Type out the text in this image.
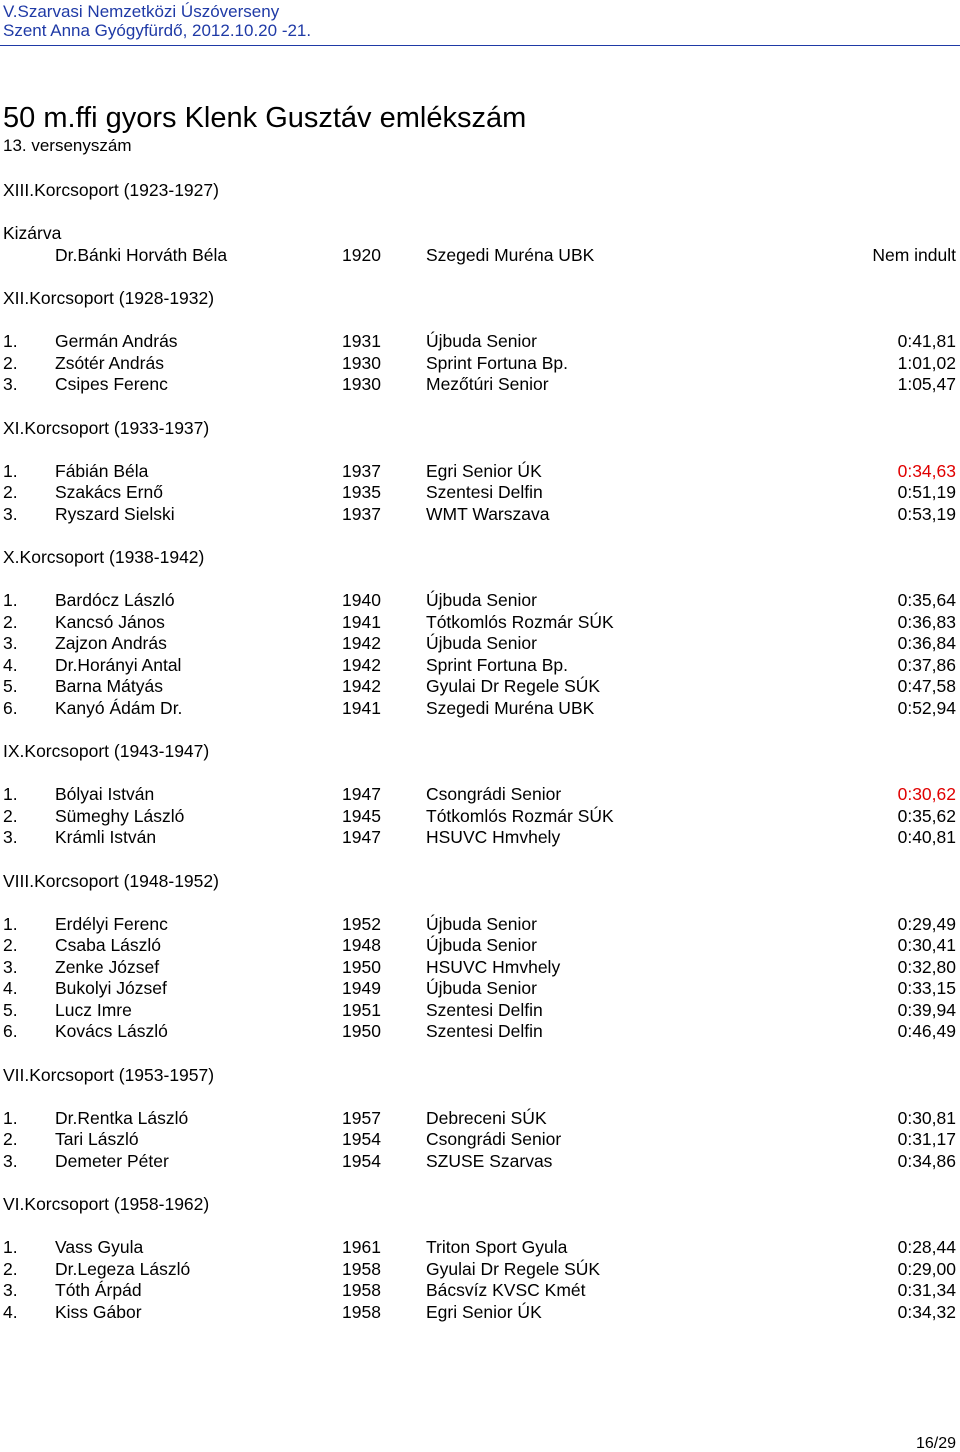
V.Szarvasi Nemzetközi Úszóverseny
Szent Anna Gyógyfürdő, 2012.10.20 -21.
50 m.ffi gyors Klenk Gusztáv emlékszám
13. versenyszám
XIII.Korcsoport (1923-1927)
Kizárva
Dr.Bánki Horváth Béla	1920	Szegedi Muréna UBK	Nem indult
XII.Korcsoport (1928-1932)
1. Germán András	1931	Újbuda Senior	0:41,81
2. Zsótér András	1930	Sprint Fortuna Bp.	1:01,02
3. Csipes Ferenc	1930	Mezőtúri Senior	1:05,47
XI.Korcsoport (1933-1937)
1. Fábián Béla	1937	Egri Senior ÚK	0:34,63
2. Szakács Ernő	1935	Szentesi Delfin	0:51,19
3. Ryszard Sielski	1937	WMT Warszava	0:53,19
X.Korcsoport (1938-1942)
1. Bardócz László	1940	Újbuda Senior	0:35,64
2. Kancsó János	1941	Tótkomlós Rozmár SÚK	0:36,83
3. Zajzon András	1942	Újbuda Senior	0:36,84
4. Dr.Horányi Antal	1942	Sprint Fortuna Bp.	0:37,86
5. Barna Mátyás	1942	Gyulai Dr Regele SÚK	0:47,58
6. Kanyó Ádám Dr.	1941	Szegedi Muréna UBK	0:52,94
IX.Korcsoport (1943-1947)
1. Bólyai István	1947	Csongrádi Senior	0:30,62
2. Sümeghy László	1945	Tótkomlós Rozmár SÚK	0:35,62
3. Krámli István	1947	HSUVC Hmvhely	0:40,81
VIII.Korcsoport (1948-1952)
1. Erdélyi Ferenc	1952	Újbuda Senior	0:29,49
2. Csaba László	1948	Újbuda Senior	0:30,41
3. Zenke József	1950	HSUVC Hmvhely	0:32,80
4. Bukolyi József	1949	Újbuda Senior	0:33,15
5. Lucz Imre	1951	Szentesi Delfin	0:39,94
6. Kovács László	1950	Szentesi Delfin	0:46,49
VII.Korcsoport (1953-1957)
1. Dr.Rentka László	1957	Debreceni SÚK	0:30,81
2. Tari László	1954	Csongrádi Senior	0:31,17
3. Demeter Péter	1954	SZUSE Szarvas	0:34,86
VI.Korcsoport (1958-1962)
1. Vass Gyula	1961	Triton Sport Gyula	0:28,44
2. Dr.Legeza László	1958	Gyulai Dr Regele SÚK	0:29,00
3. Tóth Árpád	1958	Bácsvíz KVSC Kmét	0:31,34
4. Kiss Gábor	1958	Egri Senior ÚK	0:34,32
16/29
